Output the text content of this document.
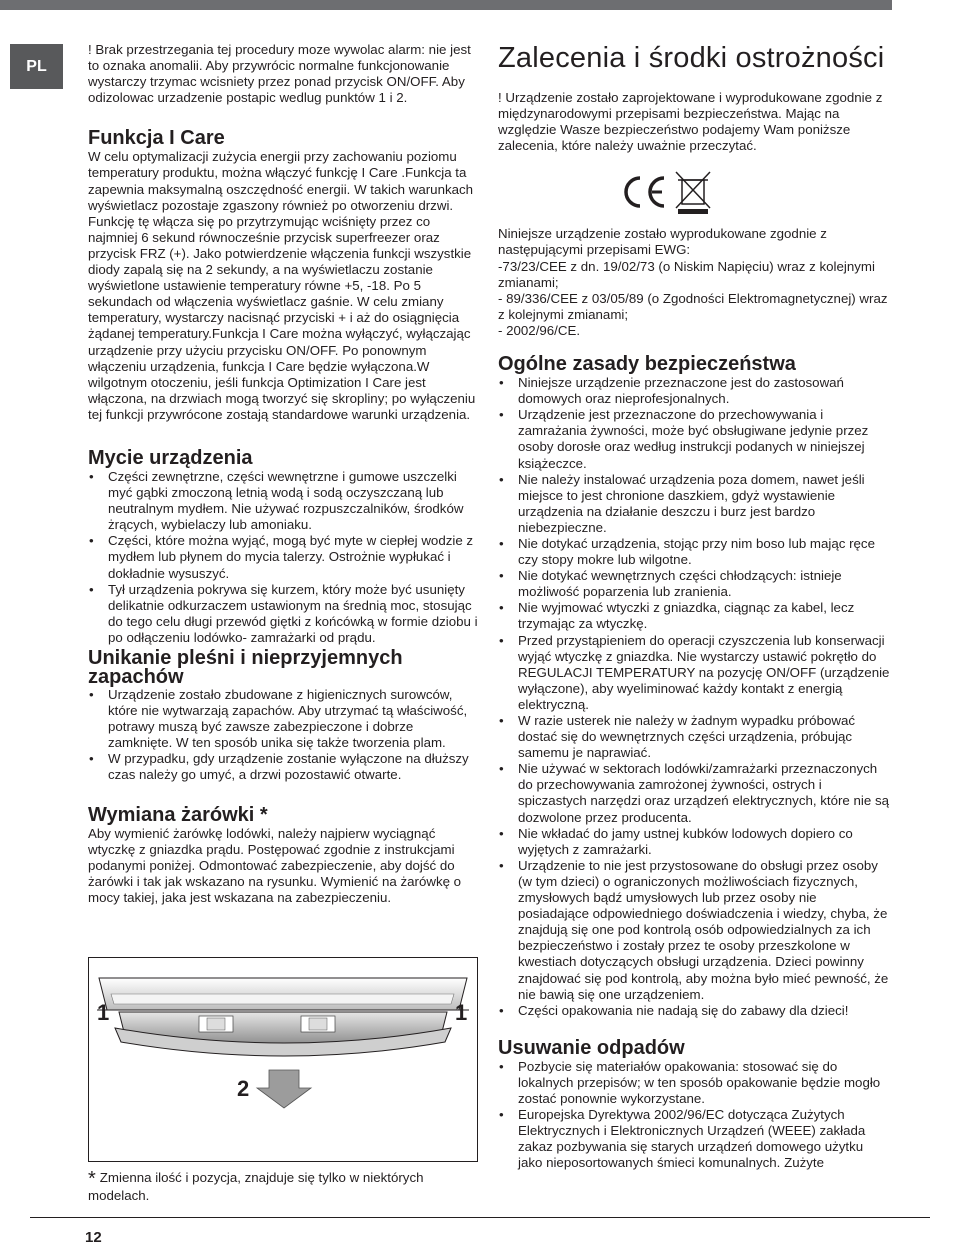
PL

! Brak przestrzegania tej procedury moze wywolac alarm: nie jest to oznaka anomalii. Aby przywrócic normalne funkcjonowanie wystarczy trzymac wcisniety przez ponad przycisk ON/OFF. Aby odizolowac urzadzenie postapic wedlug punktów 1 i 2.

Funkcja I Care

W celu optymalizacji zużycia energii przy zachowaniu poziomu temperatury produktu, można włączyć funkcję I Care .Funkcja ta zapewnia maksymalną oszczędność energii. W takich warunkach wyświetlacz pozostaje zgaszony również po otworzeniu drzwi. Funkcję tę włącza się po przytrzymując wciśnięty przez co najmniej 6 sekund równocześnie przycisk superfreezer oraz przycisk FRZ (+). Jako potwierdzenie włączenia funkcji wszystkie diody zapalą się na 2 sekundy, a na wyświetlaczu zostanie wyświetlone ustawienie temperatury równe +5, -18. Po 5 sekundach od włączenia wyświetlacz gaśnie. W celu zmiany temperatury, wystarczy nacisnąć przyciski + i aż do osiągnięcia żądanej temperatury.Funkcja I Care można wyłączyć, wyłączając urządzenie przy użyciu przycisku ON/OFF. Po ponownym włączeniu urządzenia, funkcja I Care będzie wyłączona.W wilgotnym otoczeniu, jeśli funkcja Optimization I Care jest włączona, na drzwiach mogą tworzyć się skropliny; po wyłączeniu tej funkcji przywrócone zostają standardowe warunki urządzenia.

Mycie urządzenia
• Części zewnętrzne, części wewnętrzne i gumowe uszczelki myć gąbki zmoczoną letnią wodą i sodą oczyszczaną lub neutralnym mydłem. Nie używać rozpuszczalników, środków żrących, wybielaczy lub amoniaku.
• Części, które można wyjąć, mogą być myte w ciepłej wodzie z mydłem lub płynem do mycia talerzy. Ostrożnie wypłukać i dokładnie wysuszyć.
• Tył urządzenia pokrywa się kurzem, który może być usunięty delikatnie odkurzaczem ustawionym na średnią moc, stosując do tego celu długi przewód giętki z końcówką w formie dziobu i po odłączeniu lodówko- zamrażarki od prądu.
Unikanie pleśni i nieprzyjemnych zapachów
• Urządzenie zostało zbudowane z higienicznych surowców, które nie wytwarzają zapachów. Aby utrzymać tą właściwość, potrawy muszą być zawsze zabezpieczone i dobrze zamknięte. W ten sposób unika się także tworzenia plam.
• W przypadku, gdy urządzenie zostanie wyłączone na dłuższy czas należy go umyć, a drzwi pozostawić otwarte.
Wymiana żarówki *

Aby wymienić żarówkę lodówki, należy najpierw wyciągnąć wtyczkę z gniazdka prądu. Postępować zgodnie z instrukcjami podanymi poniżej. Odmontować zabezpieczenie, aby dojść do żarówki i tak jak wskazano na rysunku. Wymienić na żarówkę o mocy takiej, jaka jest wskazana na zabezpieczeniu.

1	1
2
* Zmienna ilość i pozycja, znajduje się tylko w niektórych modelach.
Zalecenia i środki ostrożności

! Urządzenie zostało zaprojektowane i wyprodukowane zgodnie z międzynarodowymi przepisami bezpieczeństwa. Mając na względzie Wasze bezpieczeństwo podajemy Wam poniższe zalecenia, które należy uważnie przeczytać.

Niniejsze urządzenie zostało wyprodukowane zgodnie z następującymi przepisami EWG:

-73/23/CEE z dn. 19/02/73 (o Niskim Napięciu) wraz z kolejnymi zmianami;

- 89/336/CEE z 03/05/89 (o Zgodności Elektromagnetycznej) wraz z kolejnymi zmianami;

- 2002/96/CE.

Ogólne zasady bezpieczeństwa
• Niniejsze urządzenie przeznaczone jest do zastosowań domowych oraz nieprofesjonalnych.
• Urządzenie jest przeznaczone do przechowywania i zamrażania żywności, może być obsługiwane jedynie przez osoby dorosłe oraz według instrukcji podanych w niniejszej książeczce.
• Nie należy instalować urządzenia poza domem, nawet jeśli miejsce to jest chronione daszkiem, gdyż wystawienie urządzenia na działanie deszczu i burz jest bardzo niebezpieczne.
• Nie dotykać urządzenia, stojąc przy nim boso lub mając ręce czy stopy mokre lub wilgotne.
• Nie dotykać wewnętrznych części chłodzących: istnieje możliwość poparzenia lub zranienia.
• Nie wyjmować wtyczki z gniazdka, ciągnąc za kabel, lecz trzymając za wtyczkę.
• Przed przystąpieniem do operacji czyszczenia lub konserwacji wyjąć wtyczkę z gniazdka. Nie wystarczy ustawić pokrętło do REGULACJI TEMPERATURY na pozycję ON/OFF (urządzenie wyłączone), aby wyeliminować każdy kontakt z energią elektryczną.
• W razie usterek nie należy w żadnym wypadku próbować dostać się do wewnętrznych części urządzenia, próbując samemu je naprawiać.
• Nie używać w sektorach lodówki/zamrażarki przeznaczonych do przechowywania zamrożonej żywności, ostrych i spiczastych narzędzi oraz urządzeń elektrycznych, które nie są dozwolone przez producenta.
• Nie wkładać do jamy ustnej kubków lodowych dopiero co wyjętych z zamrażarki.
• Urządzenie to nie jest przystosowane do obsługi przez osoby (w tym dzieci) o ograniczonych możliwościach fizycznych, zmysłowych bądź umysłowych lub przez osoby nie posiadające odpowiedniego doświadczenia i wiedzy, chyba, że znajdują się one pod kontrolą osób odpowiedzialnych za ich bezpieczeństwo i zostały przez te osoby przeszkolone w kwestiach dotyczących obsługi urządzenia. Dzieci powinny znajdować się pod kontrolą, aby można było mieć pewność, że nie bawią się one urządzeniem.
• Części opakowania nie nadają się do zabawy dla dzieci!
Usuwanie odpadów
• Pozbycie się materiałów opakowania: stosować się do lokalnych przepisów; w ten sposób opakowanie będzie mogło zostać ponownie wykorzystane.
• Europejska Dyrektywa 2002/96/EC dotycząca Zużytych Elektrycznych i Elektronicznych Urządzeń (WEEE) zakłada zakaz pozbywania się starych urządzeń domowego użytku jako nieposortowanych śmieci komunalnych. Zużyte
12
